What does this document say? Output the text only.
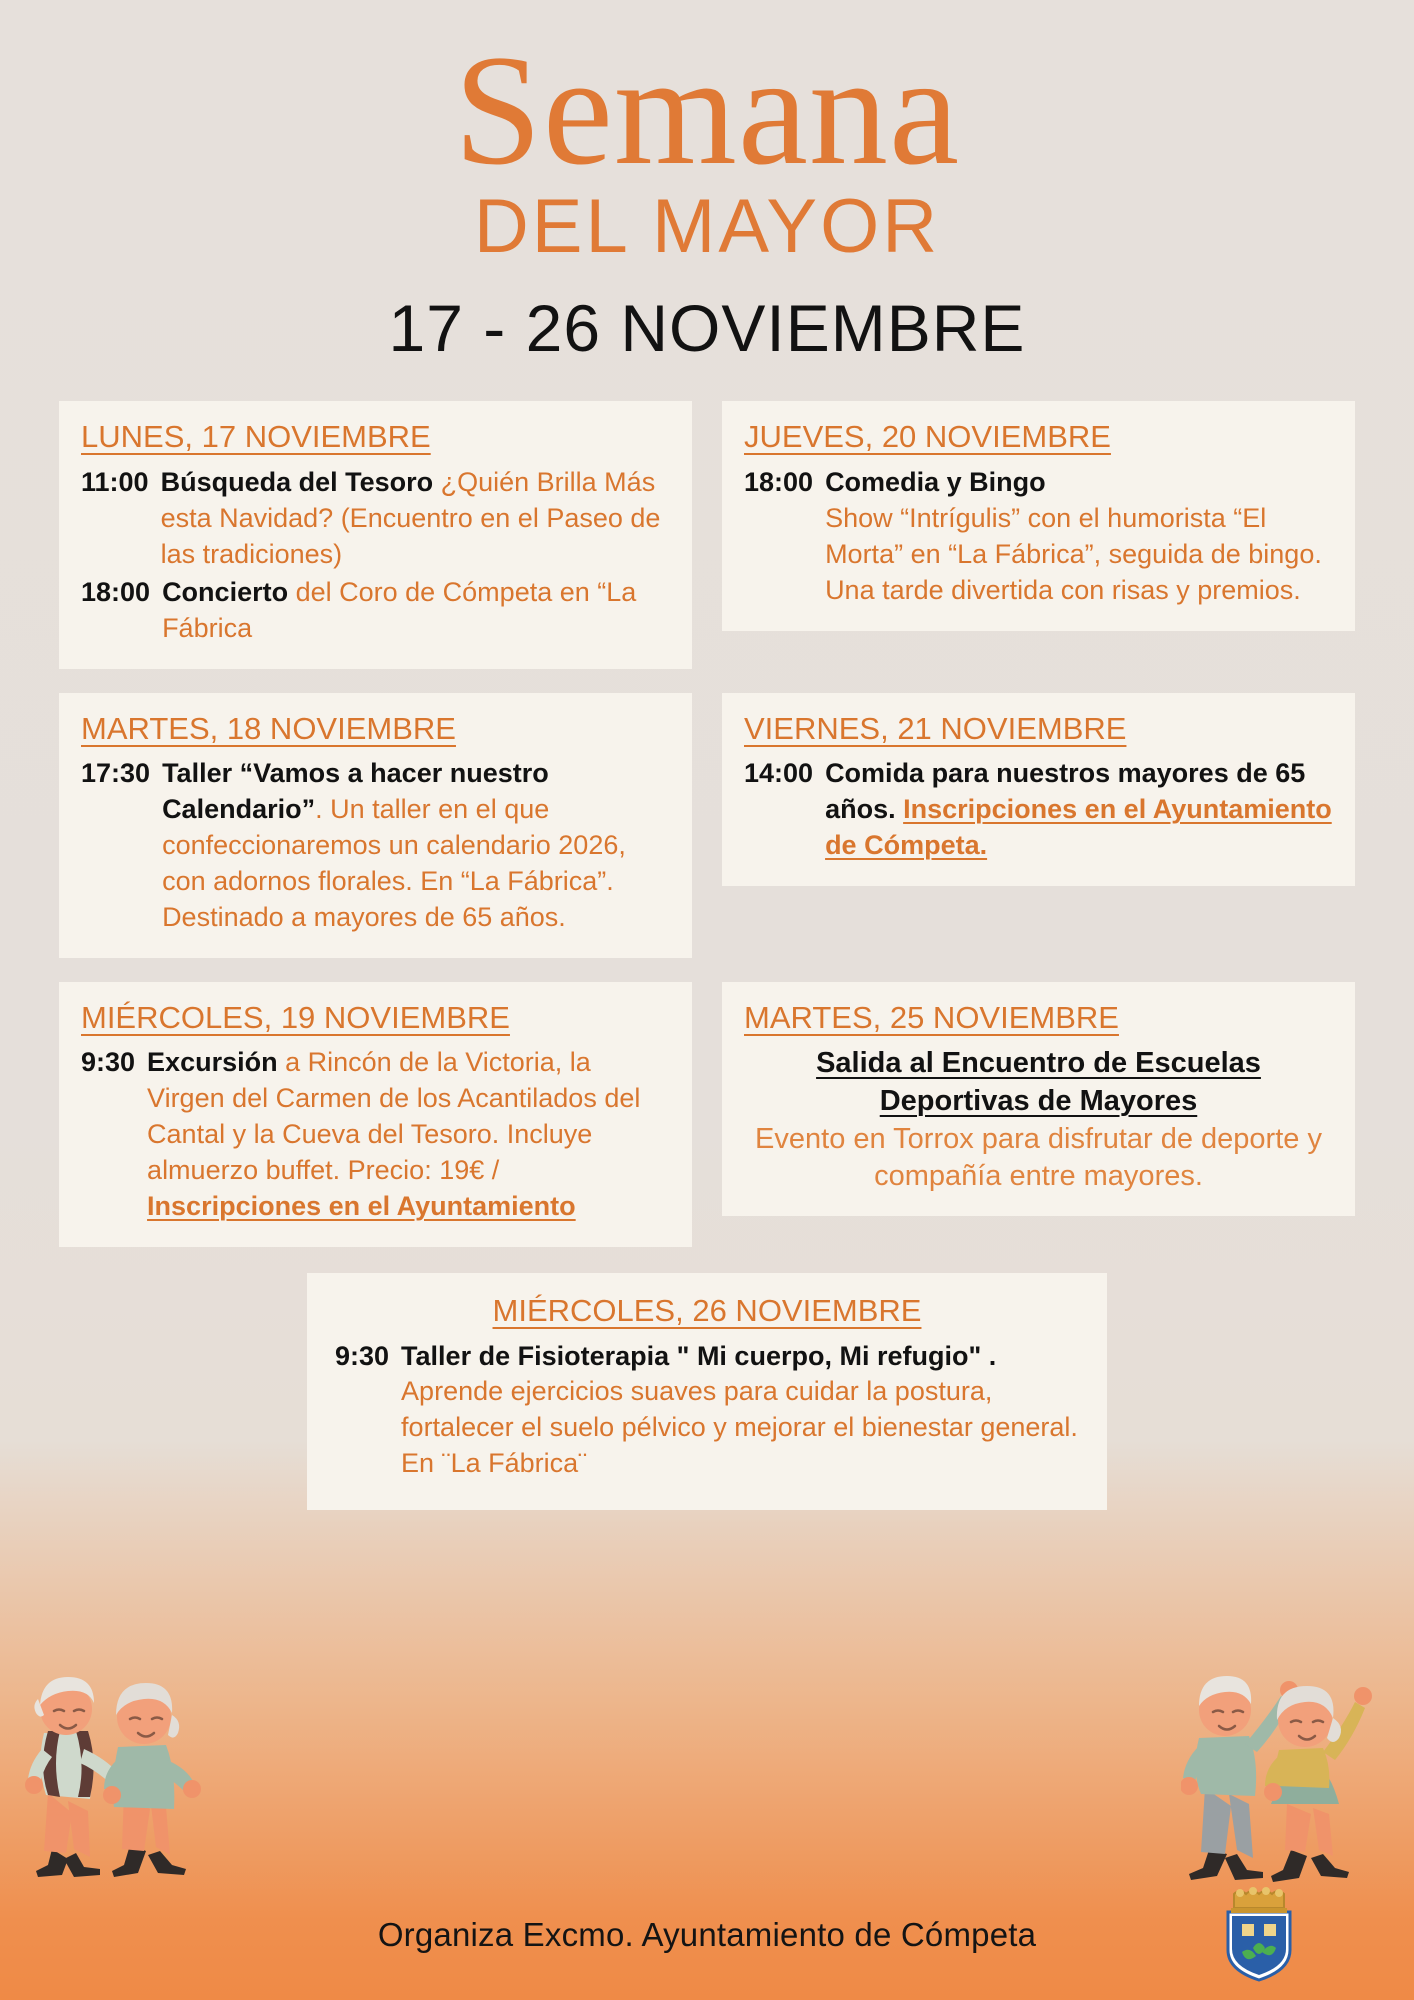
Semana
DEL MAYOR
17 - 26 NOVIEMBRE
LUNES, 17 NOVIEMBRE
11:00 Búsqueda del Tesoro ¿Quién Brilla Más esta Navidad? (Encuentro en el Paseo de las tradiciones)
18:00 Concierto del Coro de Cómpeta en “La Fábrica
JUEVES, 20 NOVIEMBRE
18:00 Comedia y Bingo
Show “Intrígulis” con el humorista “El Morta” en “La Fábrica”, seguida de bingo. Una tarde divertida con risas y premios.
MARTES, 18 NOVIEMBRE
17:30 Taller “Vamos a hacer nuestro Calendario”. Un taller en el que confeccionaremos un calendario 2026, con adornos florales. En “La Fábrica”. Destinado a mayores de 65 años.
VIERNES, 21 NOVIEMBRE
14:00 Comida para nuestros mayores de 65 años. Inscripciones en el Ayuntamiento de Cómpeta.
MIÉRCOLES, 19 NOVIEMBRE
9:30 Excursión a Rincón de la Victoria, la Virgen del Carmen de los Acantilados del Cantal y la Cueva del Tesoro. Incluye almuerzo buffet. Precio: 19€ / Inscripciones en el Ayuntamiento
MARTES, 25 NOVIEMBRE
Salida al Encuentro de Escuelas Deportivas de Mayores
Evento en Torrox para disfrutar de deporte y compañía entre mayores.
MIÉRCOLES, 26 NOVIEMBRE
9:30 Taller de Fisioterapia " Mi cuerpo, Mi refugio" .
Aprende ejercicios suaves para cuidar la postura, fortalecer el suelo pélvico y mejorar el bienestar general. En ¨La Fábrica¨
Organiza Excmo. Ayuntamiento de Cómpeta
